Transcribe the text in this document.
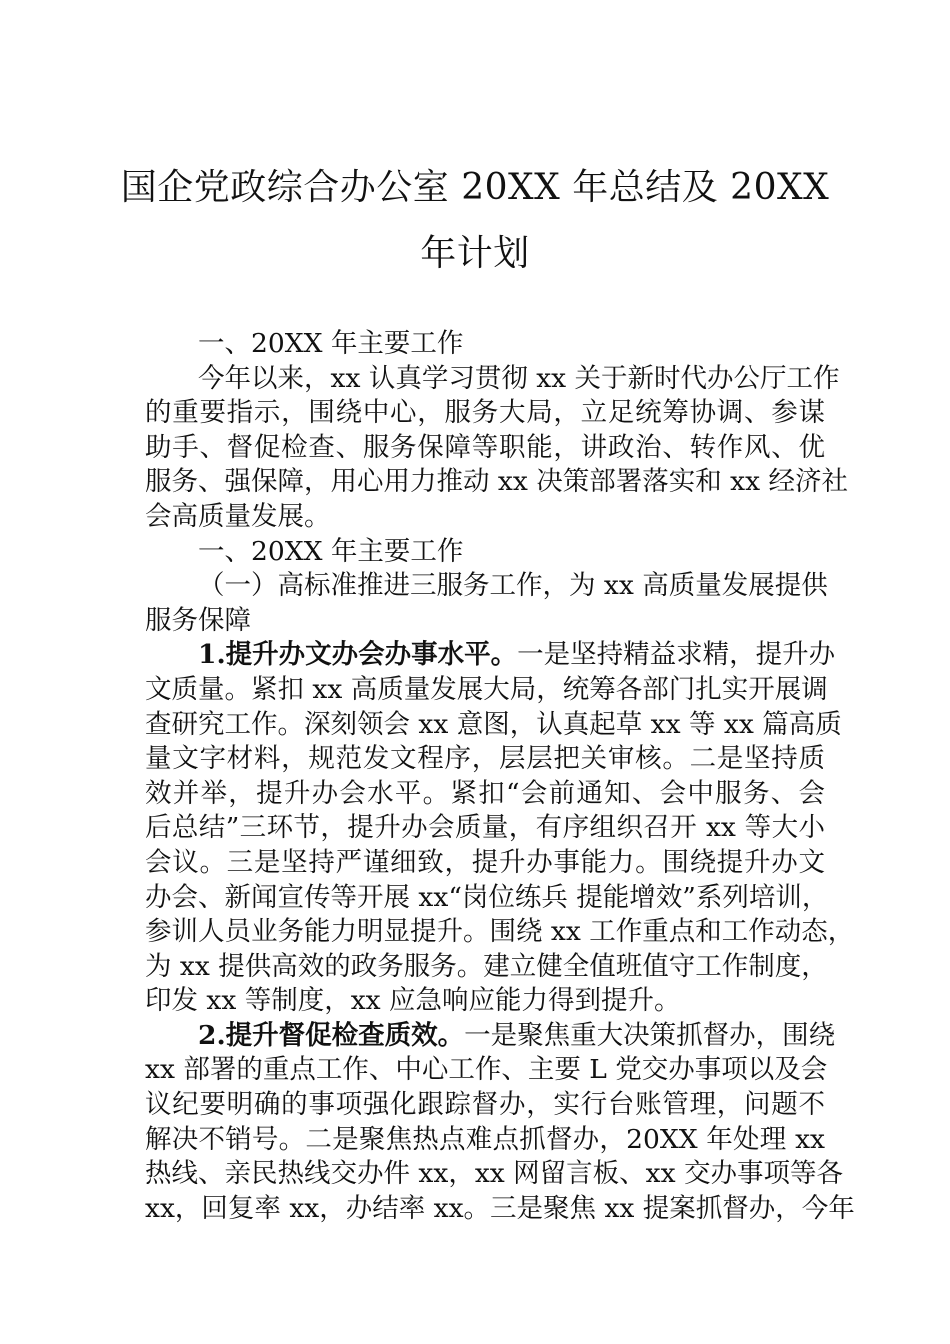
国企党政综合办公室 20XX 年总结及 20XX
年计划
一、20XX 年主要工作
今年以来，xx 认真学习贯彻 xx 关于新时代办公厅工作
的重要指示，围绕中心，服务大局，立足统筹协调、参谋
助手、督促检查、服务保障等职能，讲政治、转作风、优
服务、强保障，用心用力推动 xx 决策部署落实和 xx 经济社
会高质量发展。
一、20XX 年主要工作
（一）高标准推进三服务工作，为 xx 高质量发展提供
服务保障
1.提升办文办会办事水平。一是坚持精益求精，提升办
文质量。紧扣 xx 高质量发展大局，统筹各部门扎实开展调
查研究工作。深刻领会 xx 意图，认真起草 xx 等 xx 篇高质
量文字材料，规范发文程序，层层把关审核。二是坚持质
效并举，提升办会水平。紧扣“会前通知、会中服务、会
后总结”三环节，提升办会质量，有序组织召开 xx 等大小
会议。三是坚持严谨细致，提升办事能力。围绕提升办文
办会、新闻宣传等开展 xx“岗位练兵 提能增效”系列培训，
参训人员业务能力明显提升。围绕 xx 工作重点和工作动态，
为 xx 提供高效的政务服务。建立健全值班值守工作制度，
印发 xx 等制度，xx 应急响应能力得到提升。
2.提升督促检查质效。一是聚焦重大决策抓督办，围绕
xx 部署的重点工作、中心工作、主要 L 党交办事项以及会
议纪要明确的事项强化跟踪督办，实行台账管理，问题不
解决不销号。二是聚焦热点难点抓督办，20XX 年处理 xx
热线、亲民热线交办件 xx，xx 网留言板、xx 交办事项等各
xx，回复率 xx，办结率 xx。三是聚焦 xx 提案抓督办，今年
